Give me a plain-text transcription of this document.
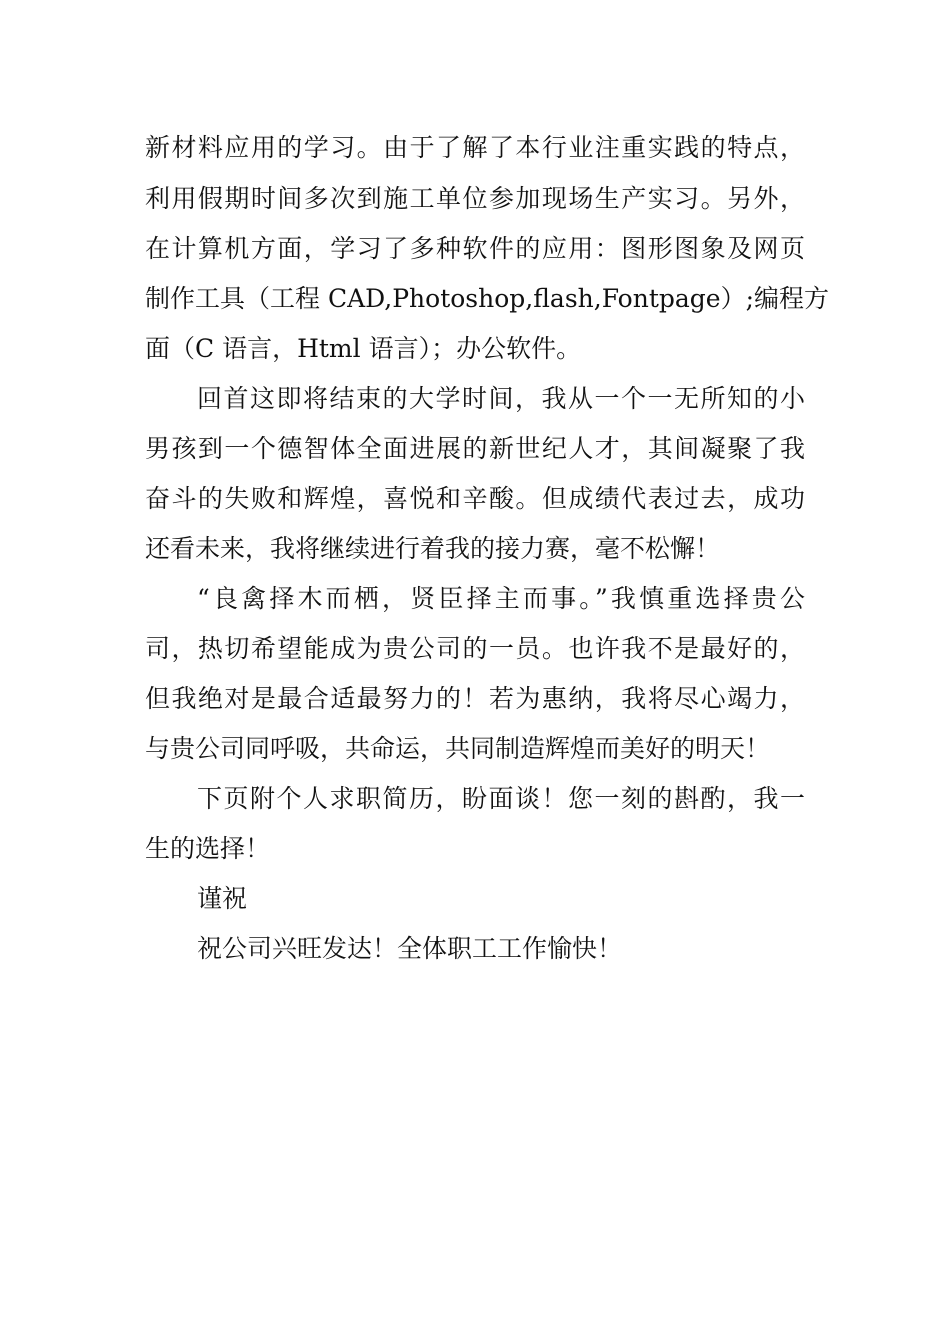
新材料应用的学习。由于了解了本行业注重实践的特点，
利用假期时间多次到施工单位参加现场生产实习。另外，
在计算机方面，学习了多种软件的应用：图形图象及网页
制作工具（工程 CAD,Photoshop,flash,Fontpage）;编程方
面（C 语言，Html 语言）；办公软件。
回首这即将结束的大学时间，我从一个一无所知的小
男孩到一个德智体全面进展的新世纪人才，其间凝聚了我
奋斗的失败和辉煌，喜悦和辛酸。但成绩代表过去，成功
还看未来，我将继续进行着我的接力赛，毫不松懈！
“良禽择木而栖，贤臣择主而事。”我慎重选择贵公
司，热切希望能成为贵公司的一员。也许我不是最好的，
但我绝对是最合适最努力的！若为惠纳，我将尽心竭力，
与贵公司同呼吸，共命运，共同制造辉煌而美好的明天！
下页附个人求职简历，盼面谈！您一刻的斟酌，我一
生的选择！
谨祝
祝公司兴旺发达！全体职工工作愉快！
